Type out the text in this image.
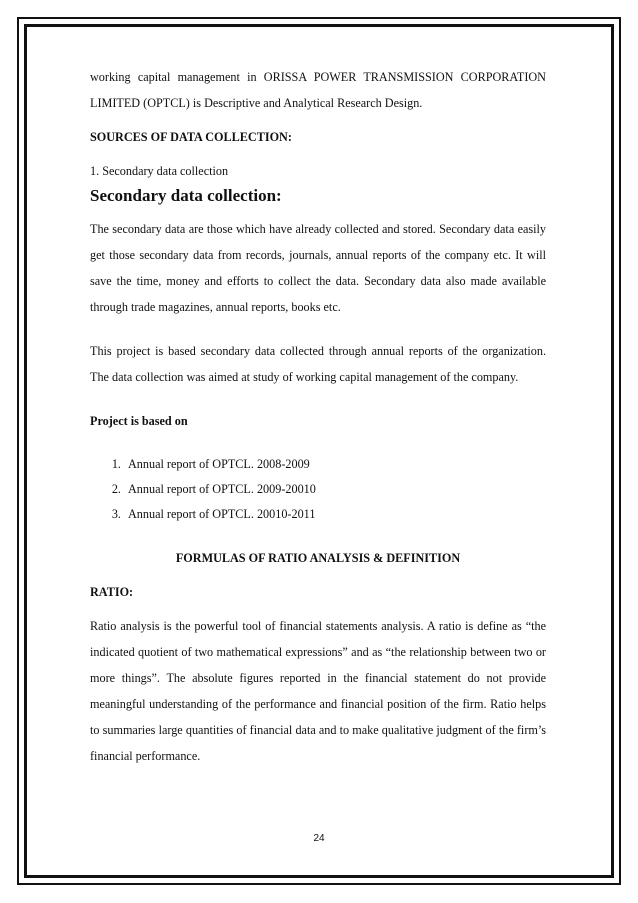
working capital management in ORISSA POWER TRANSMISSION CORPORATION LIMITED (OPTCL) is Descriptive and Analytical Research Design.

SOURCES OF DATA COLLECTION:

1. Secondary data collection

Secondary data collection:

The secondary data are those which have already collected and stored. Secondary data easily get those secondary data from records, journals, annual reports of the company etc. It will save the time, money and efforts to collect the data. Secondary data also made available through trade magazines, annual reports, books etc.

This project is based secondary data collected through annual reports of the organization. The data collection was aimed at study of working capital management of the company.

Project is based on

1. Annual report of OPTCL. 2008-2009
2. Annual report of OPTCL. 2009-20010
3. Annual report of OPTCL. 20010-2011

FORMULAS OF RATIO ANALYSIS & DEFINITION

RATIO:

Ratio analysis is the powerful tool of financial statements analysis. A ratio is define as “the indicated quotient of two mathematical expressions” and as “the relationship between two or more things”. The absolute figures reported in the financial statement do not provide meaningful understanding of the performance and financial position of the firm. Ratio helps to summaries large quantities of financial data and to make qualitative judgment of the firm’s financial performance.

24
